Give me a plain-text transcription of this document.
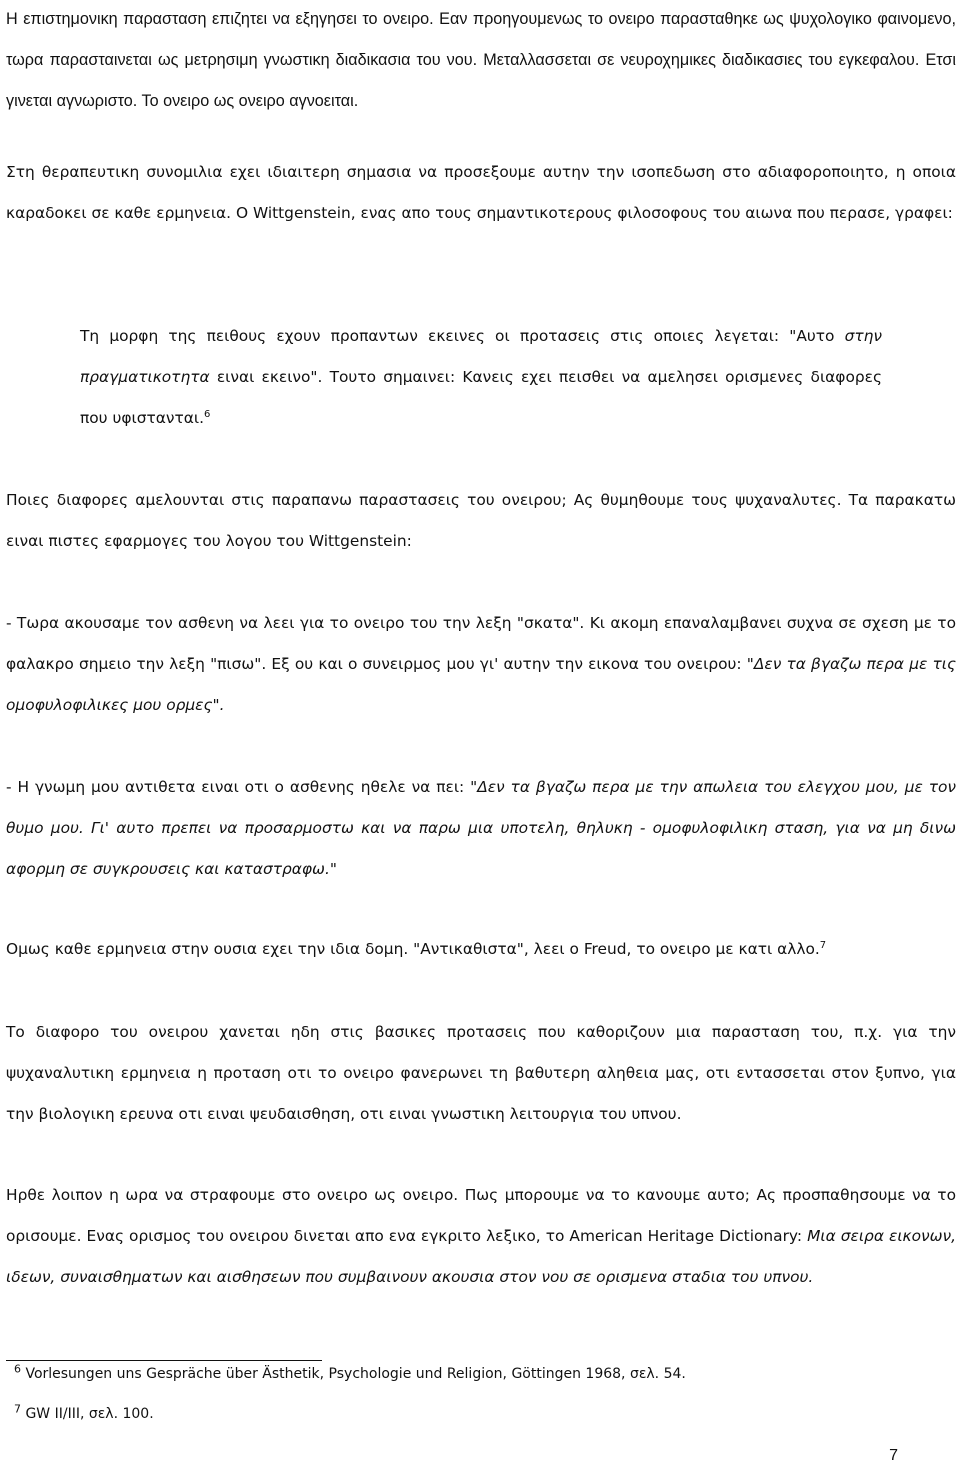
Η επιστημονικη παρασταση επιζητει να εξηγησει το ονειρο. Εαν προηγουμενως το ονειρο παρασταθηκε ως ψυχολογικο φαινομενο, τωρα παρασταινεται ως μετρησιμη γνωστικη διαδικασια του νου. Μεταλλασσεται σε νευροχημικες διαδικασιες του εγκεφαλου. Ετσι γινεται αγνωριστο. Το ονειρο ως ονειρο αγνοειται.

Στη θεραπευτικη συνομιλια εχει ιδιαιτερη σημασια να προσεξουμε αυτην την ισοπεδωση στο αδιαφοροποιητο, η οποια καραδοκει σε καθε ερμηνεια. Ο Wittgenstein, ενας απο τους σημαντικοτερους φιλοσοφους του αιωνα που περασε, γραφει:

Τη μορφη της πειθους εχουν προπαντων εκεινες οι προτασεις στις οποιες λεγεται: "Αυτο στην πραγματικοτητα ειναι εκεινο". Τουτο σημαινει: Κανεις εχει πεισθει να αμελησει ορισμενες διαφορες που υφιστανται.$^6$

Ποιες διαφορες αμελουνται στις παραπανω παραστασεις του ονειρου; Ας θυμηθουμε τους ψυχαναλυτες. Τα παρακατω ειναι πιστες εφαρμογες του λογου του Wittgenstein:

- Τωρα ακουσαμε τον ασθενη να λεει για το ονειρο του την λεξη "σκατα". Κι ακομη επαναλαμβανει συχνα σε σχεση με το φαλακρο σημειο την λεξη "πισω". Εξ ου και ο συνειρμος μου γι' αυτην την εικονα του ονειρου: "Δεν τα βγαζω περα με τις ομοφυλοφιλικες μου ορμες".

- Η γνωμη μου αντιθετα ειναι οτι ο ασθενης ηθελε να πει: "Δεν τα βγαζω περα με την απωλεια του ελεγχου μου, με τον θυμο μου. Γι' αυτο πρεπει να προσαρμοστω και να παρω μια υποτελη, θηλυκη - ομοφυλοφιλικη σταση, για να μη δινω αφορμη σε συγκρουσεις και καταστραφω."

Ομως καθε ερμηνεια στην ουσια εχει την ιδια δομη. "Αντικαθιστα", λεει ο Freud, το ονειρο με κατι αλλο.$^7$

Το διαφορο του ονειρου χανεται ηδη στις βασικες προτασεις που καθοριζουν μια παρασταση του, π.χ. για την ψυχαναλυτικη ερμηνεια η προταση οτι το ονειρο φανερωνει τη βαθυτερη αληθεια μας, οτι εντασσεται στον ξυπνο, για την βιολογικη ερευνα οτι ειναι ψευδαισθηση, οτι ειναι γνωστικη λειτουργια του υπνου.

Ηρθε λοιπον η ωρα να στραφουμε στο ονειρο ως ονειρο. Πως μπορουμε να το κανουμε αυτο; Ας προσπαθησουμε να το ορισουμε. Ενας ορισμος του ονειρου δινεται απο ενα εγκριτο λεξικο, το American Heritage Dictionary: Μια σειρα εικονων, ιδεων, συναισθηματων και αισθησεων που συμβαινουν ακουσια στον νου σε ορισμενα σταδια του υπνου.

$^6$ Vorlesungen uns Gespräche über Ästhetik, Psychologie und Religion, Göttingen 1968, σελ. 54.
$^7$ GW II/III, σελ. 100.
7
